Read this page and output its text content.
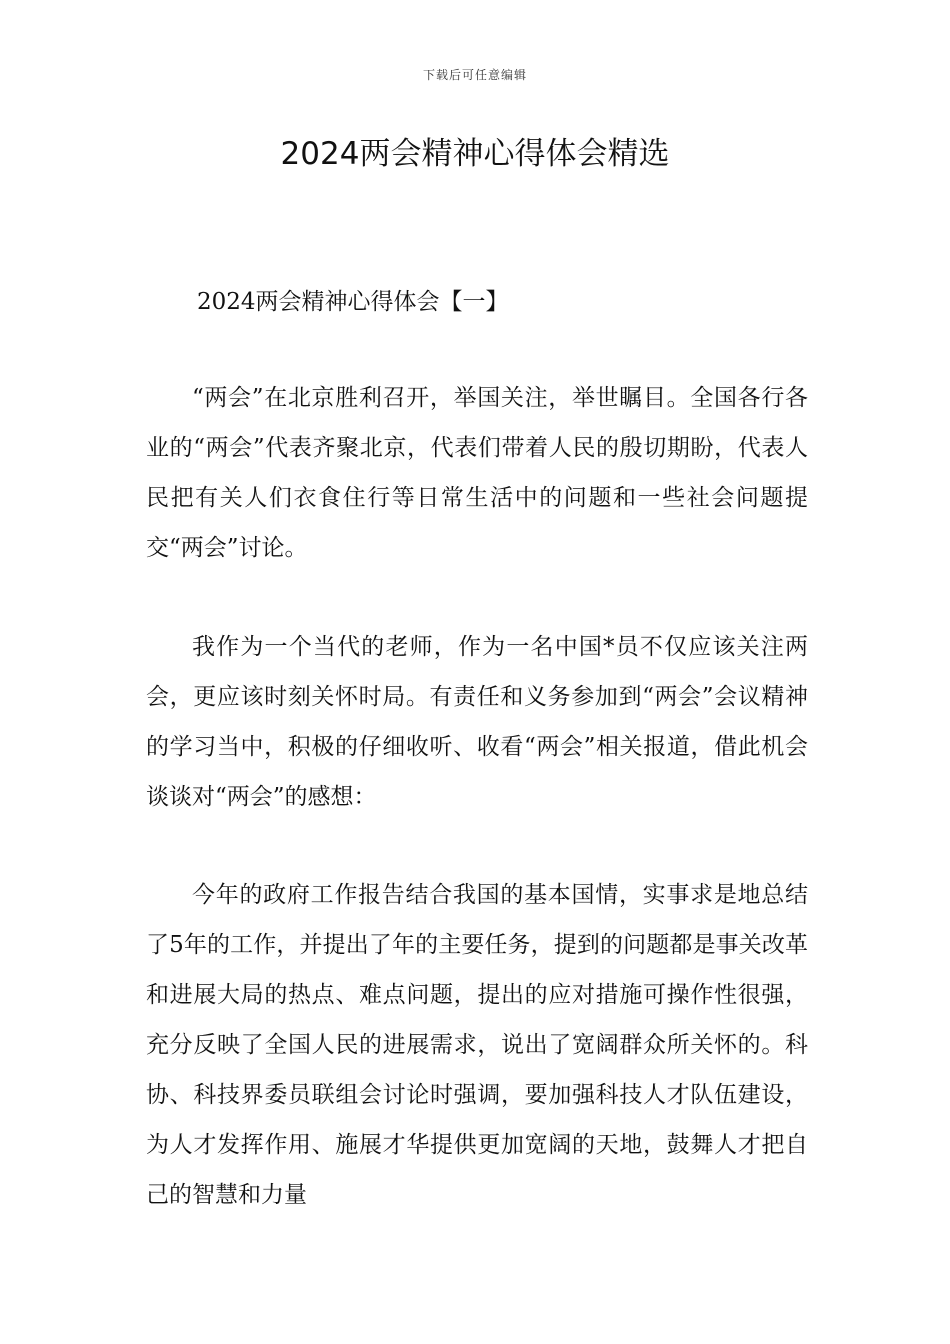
下载后可任意编辑
2024两会精神心得体会精选
2024两会精神心得体会【一】

“两会”在北京胜利召开，举国关注，举世瞩目。全国各行各业的“两会”代表齐聚北京，代表们带着人民的殷切期盼，代表人民把有关人们衣食住行等日常生活中的问题和一些社会问题提交“两会”讨论。

我作为一个当代的老师，作为一名中国*员不仅应该关注两会，更应该时刻关怀时局。有责任和义务参加到“两会”会议精神的学习当中，积极的仔细收听、收看“两会”相关报道，借此机会谈谈对“两会”的感想：

今年的政府工作报告结合我国的基本国情，实事求是地总结了5年的工作，并提出了年的主要任务，提到的问题都是事关改革和进展大局的热点、难点问题，提出的应对措施可操作性很强，充分反映了全国人民的进展需求，说出了宽阔群众所关怀的。科协、科技界委员联组会讨论时强调，要加强科技人才队伍建设，为人才发挥作用、施展才华提供更加宽阔的天地，鼓舞人才把自己的智慧和力量
